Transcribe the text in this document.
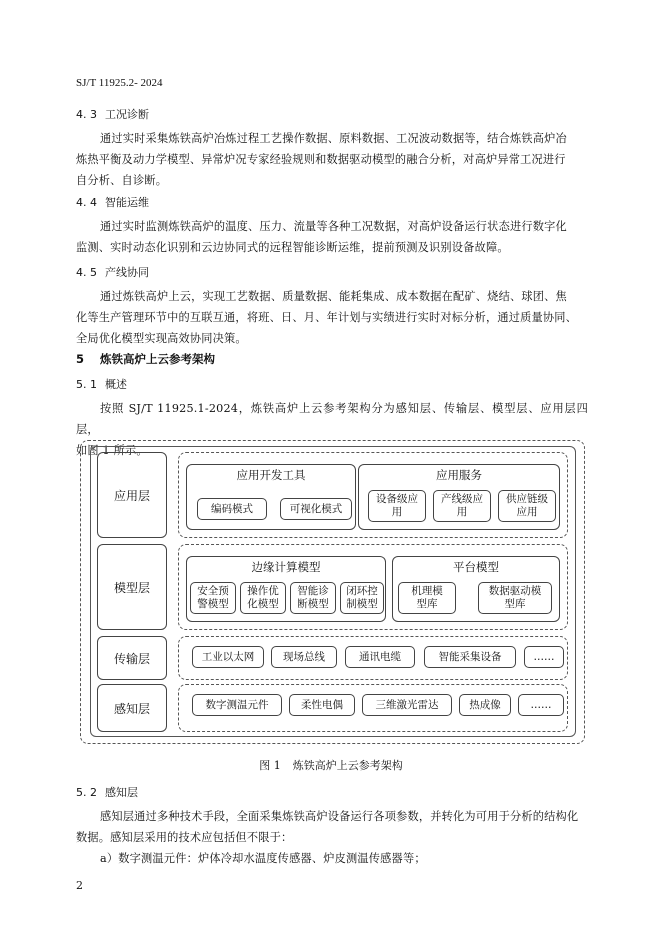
SJ/T 11925.2- 2024
4. 3 工况诊断
通过实时采集炼铁高炉冶炼过程工艺操作数据、原料数据、工况波动数据等，结合炼铁高炉冶
炼热平衡及动力学模型、异常炉况专家经验规则和数据驱动模型的融合分析，对高炉异常工况进行
自分析、自诊断。
4. 4 智能运维
通过实时监测炼铁高炉的温度、压力、流量等各种工况数据，对高炉设备运行状态进行数字化
监测、实时动态化识别和云边协同式的远程智能诊断运维，提前预测及识别设备故障。
4. 5 产线协同
通过炼铁高炉上云，实现工艺数据、质量数据、能耗集成、成本数据在配矿、烧结、球团、焦
化等生产管理环节中的互联互通，将班、日、月、年计划与实绩进行实时对标分析，通过质量协同、
全局优化模型实现高效协同决策。
5 炼铁高炉上云参考架构
5. 1 概述
按照 SJ/T 11925.1-2024，炼铁高炉上云参考架构分为感知层、传输层、模型层、应用层四层，
如图 1 所示。
应用层
模型层
传输层
感知层
应用开发工具
编码模式	可视化模式
应用服务
设备级应
用
产线级应
用
供应链级
应用
边缘计算模型
安全预
警模型
操作优
化模型
智能诊
断模型
闭环控
制模型
平台模型
机理模
型库
数据驱动模
型库
工业以太网	现场总线	通讯电缆	智能采集设备	……
数字测温元件	柔性电偶	三维激光雷达	热成像	……
图 1 炼铁高炉上云参考架构
5. 2 感知层
感知层通过多种技术手段，全面采集炼铁高炉设备运行各项参数，并转化为可用于分析的结构化
数据。感知层采用的技术应包括但不限于：
a）数字测温元件：炉体冷却水温度传感器、炉皮测温传感器等；
2
